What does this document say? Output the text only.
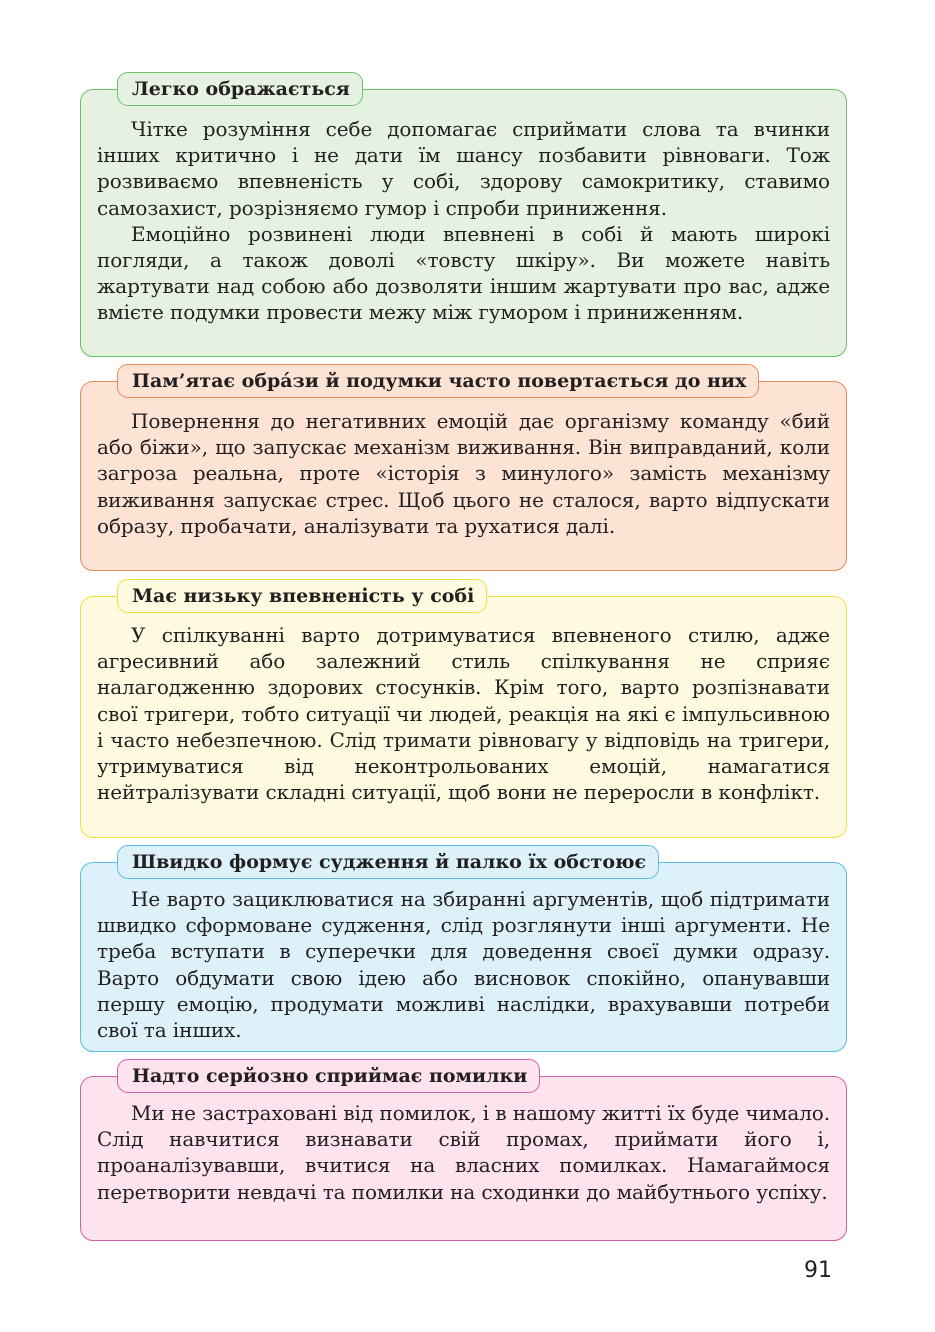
Легко ображається

Чітке розуміння себе допомагає сприймати слова та вчинки інших критично і не дати їм шансу позбавити рівноваги. Тож розвиваємо впевненість у собі, здорову самокритику, ставимо самозахист, розрізняємо гумор і спроби приниження.

Емоційно розвинені люди впевнені в собі й мають широкі погляди, а також доволі «товсту шкіру». Ви можете навіть жартувати над собою або дозволяти іншим жартувати про вас, адже вмієте подумки провести межу між гумором і приниженням.

Пам’ятає обрáзи й подумки часто повертається до них

Повернення до негативних емоцій дає організму команду «бий або біжи», що запускає механізм виживання. Він виправданий, коли загроза реальна, проте «історія з минулого» замість механізму виживання запускає стрес. Щоб цього не сталося, варто відпускати образу, пробачати, аналізувати та рухатися далі.

Має низьку впевненість у собі

У спілкуванні варто дотримуватися впевненого стилю, адже агресивний або залежний стиль спілкування не сприяє налагодженню здорових стосунків. Крім того, варто розпізнавати свої тригери, тобто ситуації чи людей, реакція на які є імпульсивною і часто небезпечною. Слід тримати рівновагу у відповідь на тригери, утримуватися від неконтрольованих емоцій, намагатися нейтралізувати складні ситуації, щоб вони не переросли в конфлікт.

Швидко формує судження й палко їх обстоює

Не варто зациклюватися на збиранні аргументів, щоб підтримати швидко сформоване судження, слід розглянути інші аргументи. Не треба вступати в суперечки для доведення своєї думки одразу. Варто обдумати свою ідею або висновок спокійно, опанувавши першу емоцію, продумати можливі наслідки, врахувавши потреби свої та інших.

Надто серйозно сприймає помилки

Ми не застраховані від помилок, і в нашому житті їх буде чимало. Слід навчитися визнавати свій промах, приймати його і, проаналізувавши, вчитися на власних помилках. Намагаймося перетворити невдачі та помилки на сходинки до майбутнього успіху.

91
